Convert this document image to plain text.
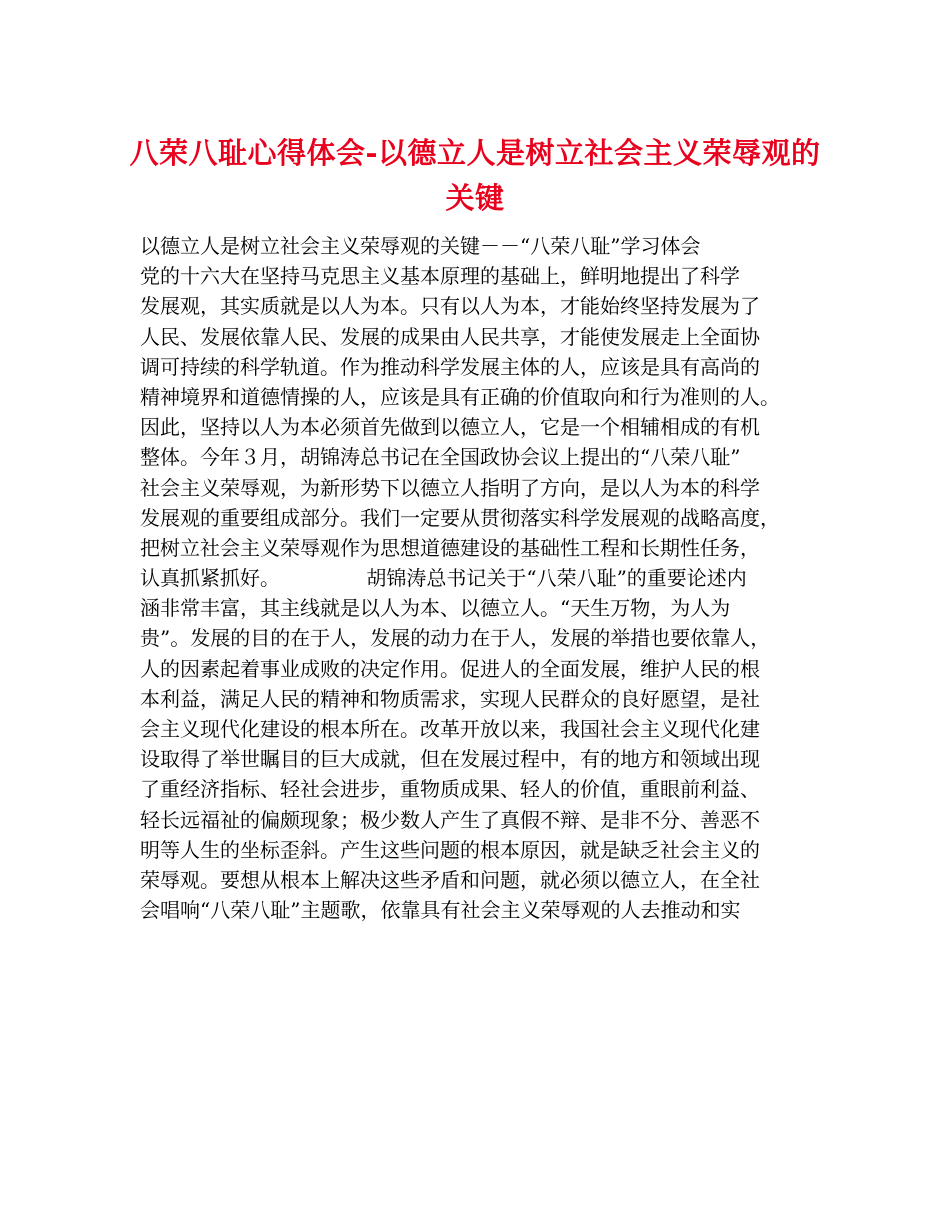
八荣八耻心得体会-以德立人是树立社会主义荣辱观的
关键
以德立人是树立社会主义荣辱观的关键－－“八荣八耻”学习体会
党的十六大在坚持马克思主义基本原理的基础上，鲜明地提出了科学
发展观，其实质就是以人为本。只有以人为本，才能始终坚持发展为了
人民、发展依靠人民、发展的成果由人民共享，才能使发展走上全面协
调可持续的科学轨道。作为推动科学发展主体的人，应该是具有高尚的
精神境界和道德情操的人，应该是具有正确的价值取向和行为准则的人。
因此，坚持以人为本必须首先做到以德立人，它是一个相辅相成的有机
整体。今年３月，胡锦涛总书记在全国政协会议上提出的“八荣八耻”
社会主义荣辱观，为新形势下以德立人指明了方向，是以人为本的科学
发展观的重要组成部分。我们一定要从贯彻落实科学发展观的战略高度，
把树立社会主义荣辱观作为思想道德建设的基础性工程和长期性任务，
认真抓紧抓好。 　　　　胡锦涛总书记关于“八荣八耻”的重要论述内
涵非常丰富，其主线就是以人为本、以德立人。“天生万物，为人为
贵”。发展的目的在于人，发展的动力在于人，发展的举措也要依靠人，
人的因素起着事业成败的决定作用。促进人的全面发展，维护人民的根
本利益，满足人民的精神和物质需求，实现人民群众的良好愿望，是社
会主义现代化建设的根本所在。改革开放以来，我国社会主义现代化建
设取得了举世瞩目的巨大成就，但在发展过程中，有的地方和领域出现
了重经济指标、轻社会进步，重物质成果、轻人的价值，重眼前利益、
轻长远福祉的偏颇现象；极少数人产生了真假不辩、是非不分、善恶不
明等人生的坐标歪斜。产生这些问题的根本原因，就是缺乏社会主义的
荣辱观。要想从根本上解决这些矛盾和问题，就必须以德立人，在全社
会唱响“八荣八耻”主题歌，依靠具有社会主义荣辱观的人去推动和实
